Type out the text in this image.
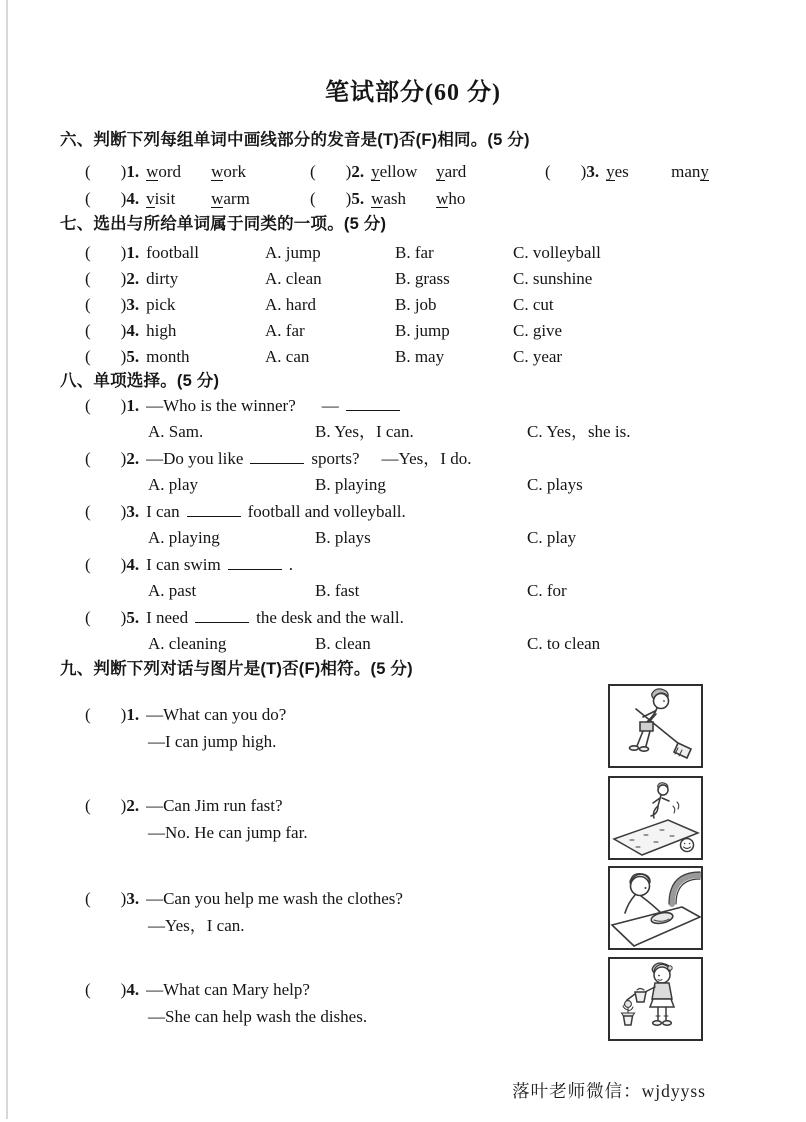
笔试部分(60 分)
六、判断下列每组单词中画线部分的发音是(T)否(F)相同。(5 分)
( ) 1. word	work	( ) 2. yellow	yard	( ) 3. yes	many
( ) 4. visit	warm	( ) 5. wash	who
七、选出与所给单词属于同类的一项。(5 分)
( )1. football	A. jump	B. far	C. volleyball
( )2. dirty	A. clean	B. grass	C. sunshine
( )3. pick	A. hard	B. job	C. cut
( )4. high	A. far	B. jump	C. give
( )5. month	A. can	B. may	C. year
八、单项选择。(5 分)
( )1. —Who is the winner? —
A. Sam.	B. Yes，I can.	C. Yes，she is.
( )2. —Do you like	sports? —Yes，I do.
A. play	B. playing	C. plays
( )3. I can	football and volleyball.
A. playing	B. plays	C. play
( )4. I can swim	.
A. past	B. fast	C. for
( )5. I need	the desk and the wall.
A. cleaning	B. clean	C. to clean
九、判断下列对话与图片是(T)否(F)相符。(5 分)
( )1. —What can you do?
—I can jump high.
( )2. —Can Jim run fast?
—No. He can jump far.
( )3. —Can you help me wash the clothes?
—Yes，I can.
( )4. —What can Mary help?
—She can help wash the dishes.
落叶老师微信：wjdyyss
